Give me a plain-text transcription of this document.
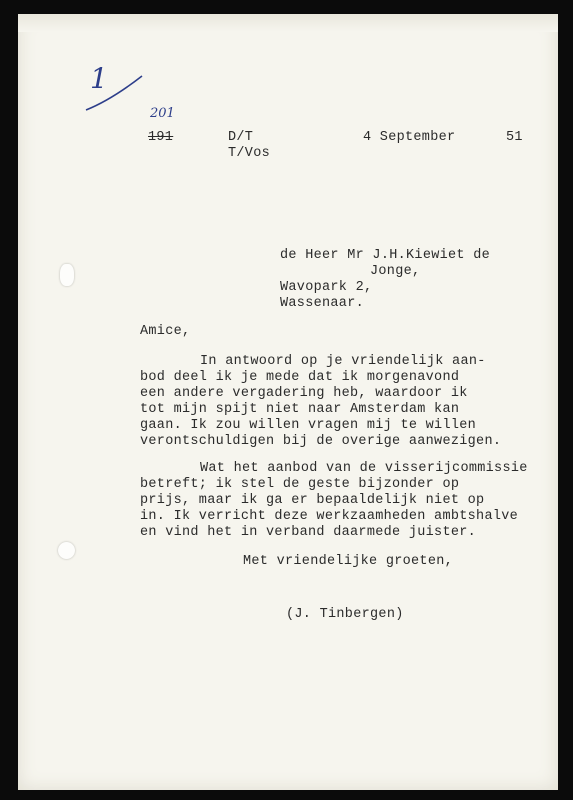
1
201
191	D/T
T/Vos
4 September	51
de Heer Mr J.H.Kiewiet de
Jonge,
Wavopark 2,
Wassenaar.
Amice,
In antwoord op je vriendelijk aan-
bod deel ik je mede dat ik morgenavond
een andere vergadering heb, waardoor ik
tot mijn spijt niet naar Amsterdam kan
gaan. Ik zou willen vragen mij te willen
verontschuldigen bij de overige aanwezigen.
Wat het aanbod van de visserijcommissie
betreft; ik stel de geste bijzonder op
prijs, maar ik ga er bepaaldelijk niet op
in. Ik verricht deze werkzaamheden ambtshalve
en vind het in verband daarmede juister.
Met vriendelijke groeten,
(J. Tinbergen)
